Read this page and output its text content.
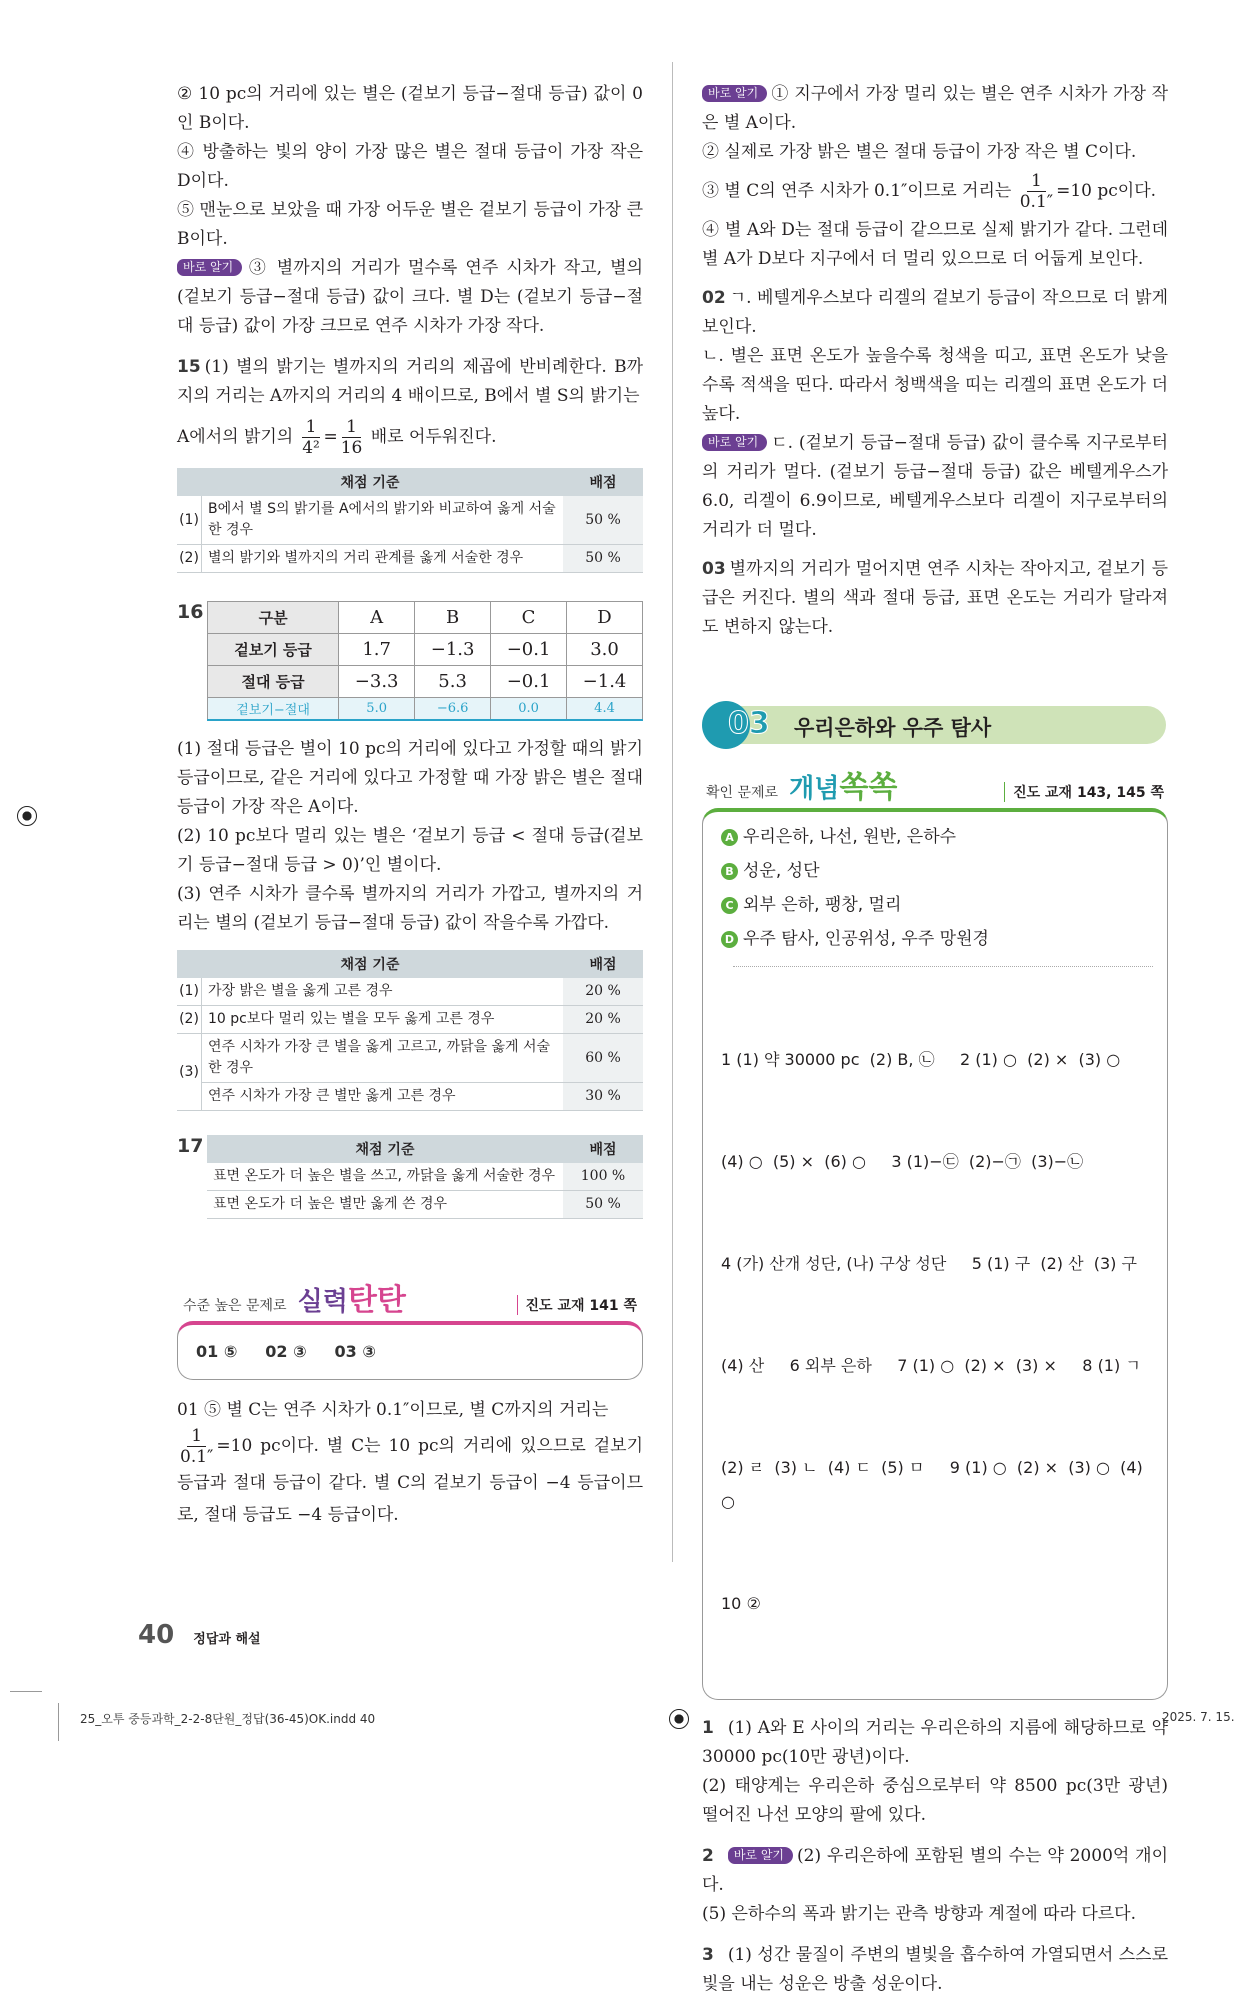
② 10 pc의 거리에 있는 별은 (겉보기 등급−절대 등급) 값이 0인 B이다.

④ 방출하는 빛의 양이 가장 많은 별은 절대 등급이 가장 작은 D이다.

⑤ 맨눈으로 보았을 때 가장 어두운 별은 겉보기 등급이 가장 큰 B이다.

바로 알기 ③ 별까지의 거리가 멀수록 연주 시차가 작고, 별의 (겉보기 등급−절대 등급) 값이 크다. 별 D는 (겉보기 등급−절대 등급) 값이 가장 크므로 연주 시차가 가장 작다.

15 (1) 별의 밝기는 별까지의 거리의 제곱에 반비례한다. B까지의 거리는 A까지의 거리의 4 배이므로, B에서 별 S의 밝기는

A에서의 밝기의 $\frac{1}{\text{4²}} = \frac{1}{16}$ 배로 어두워진다.

채점 기준		배점
(1)	B에서 별 S의 밝기를 A에서의 밝기와 비교하여 옳게 서술한 경우	50 %
(2)	별의 밝기와 별까지의 거리 관계를 옳게 서술한 경우	50 %
16	구분	A	B	C	D
겉보기 등급	1.7	−1.3	−0.1	3.0
절대 등급	−3.3	5.3	−0.1	−1.4
겉보기−절대	5.0	−6.6	0.0	4.4

(1) 절대 등급은 별이 10 pc의 거리에 있다고 가정할 때의 밝기 등급이므로, 같은 거리에 있다고 가정할 때 가장 밝은 별은 절대 등급이 가장 작은 A이다.

(2) 10 pc보다 멀리 있는 별은 ‘겉보기 등급 < 절대 등급(겉보기 등급−절대 등급 > 0)’인 별이다.

(3) 연주 시차가 클수록 별까지의 거리가 가깝고, 별까지의 거리는 별의 (겉보기 등급−절대 등급) 값이 작을수록 가깝다.

채점 기준		배점
(1)	가장 밝은 별을 옳게 고른 경우	20 %
(2)	10 pc보다 멀리 있는 별을 모두 옳게 고른 경우	20 %
(3)	연주 시차가 가장 큰 별을 옳게 고르고, 까닭을 옳게 서술한 경우	60 %
	연주 시차가 가장 큰 별만 옳게 고른 경우	30 %
17	채점 기준	배점
표면 온도가 더 높은 별을 쓰고, 까닭을 옳게 서술한 경우	100 %
표면 온도가 더 높은 별만 옳게 쓴 경우	50 %
수준 높은 문제로 실력탄탄	진도 교재 141 쪽
01 ⑤ 02 ③ 03 ③

01 ⑤ 별 C는 연주 시차가 0.1″이므로, 별 C까지의 거리는

$\frac{1}{0.1''} =10$ pc이다. 별 C는 10 pc의 거리에 있으므로 겉보기 등급과 절대 등급이 같다. 별 C의 겉보기 등급이 −4 등급이므로, 절대 등급도 −4 등급이다.

40 정답과 해설

바로 알기 ① 지구에서 가장 멀리 있는 별은 연주 시차가 가장 작은 별 A이다.

② 실제로 가장 밝은 별은 절대 등급이 가장 작은 별 C이다.

③ 별 C의 연주 시차가 0.1″이므로 거리는 $\frac{1}{0.1''} =10$ pc이다.

④ 별 A와 D는 절대 등급이 같으므로 실제 밝기가 같다. 그런데 별 A가 D보다 지구에서 더 멀리 있으므로 더 어둡게 보인다.

02 ㄱ. 베텔게우스보다 리겔의 겉보기 등급이 작으므로 더 밝게 보인다.

ㄴ. 별은 표면 온도가 높을수록 청색을 띠고, 표면 온도가 낮을수록 적색을 띤다. 따라서 청백색을 띠는 리겔의 표면 온도가 더 높다.

바로 알기 ㄷ. (겉보기 등급−절대 등급) 값이 클수록 지구로부터의 거리가 멀다. (겉보기 등급−절대 등급) 값은 베텔게우스가 6.0, 리겔이 6.9이므로, 베텔게우스보다 리겔이 지구로부터의 거리가 더 멀다.

03 별까지의 거리가 멀어지면 연주 시차는 작아지고, 겉보기 등급은 커진다. 별의 색과 절대 등급, 표면 온도는 거리가 달라져도 변하지 않는다.

03 우리은하와 우주 탐사
확인 문제로 개념쏙쏙	진도 교재 143, 145 쪽
A 우리은하, 나선, 원반, 은하수
B 성운, 성단
C 외부 은하, 팽창, 멀리
D 우주 탐사, 인공위성, 우주 망원경

1 (1) 약 30000 pc  (2) B, ㉡     2 (1) ○  (2) ×  (3) ○

(4) ○  (5) ×  (6) ○     3 (1)−㉢  (2)−㉠  (3)−㉡

4 (가) 산개 성단, (나) 구상 성단     5 (1) 구  (2) 산  (3) 구

(4) 산     6 외부 은하     7 (1) ○  (2) ×  (3) ×     8 (1) ㄱ

(2) ㄹ  (3) ㄴ  (4) ㄷ  (5) ㅁ     9 (1) ○  (2) ×  (3) ○  (4) ○

10 ②

1 (1) A와 E 사이의 거리는 우리은하의 지름에 해당하므로 약 30000 pc(10만 광년)이다.

(2) 태양계는 우리은하 중심으로부터 약 8500 pc(3만 광년) 떨어진 나선 모양의 팔에 있다.

2 바로 알기 (2) 우리은하에 포함된 별의 수는 약 2000억 개이다.

(5) 은하수의 폭과 밝기는 관측 방향과 계절에 따라 다르다.

3 (1) 성간 물질이 주변의 별빛을 흡수하여 가열되면서 스스로 빛을 내는 성운은 방출 성운이다.

25_오투 중등과학_2-2-8단원_정답(36-45)OK.indd 40	2025. 7. 15.
